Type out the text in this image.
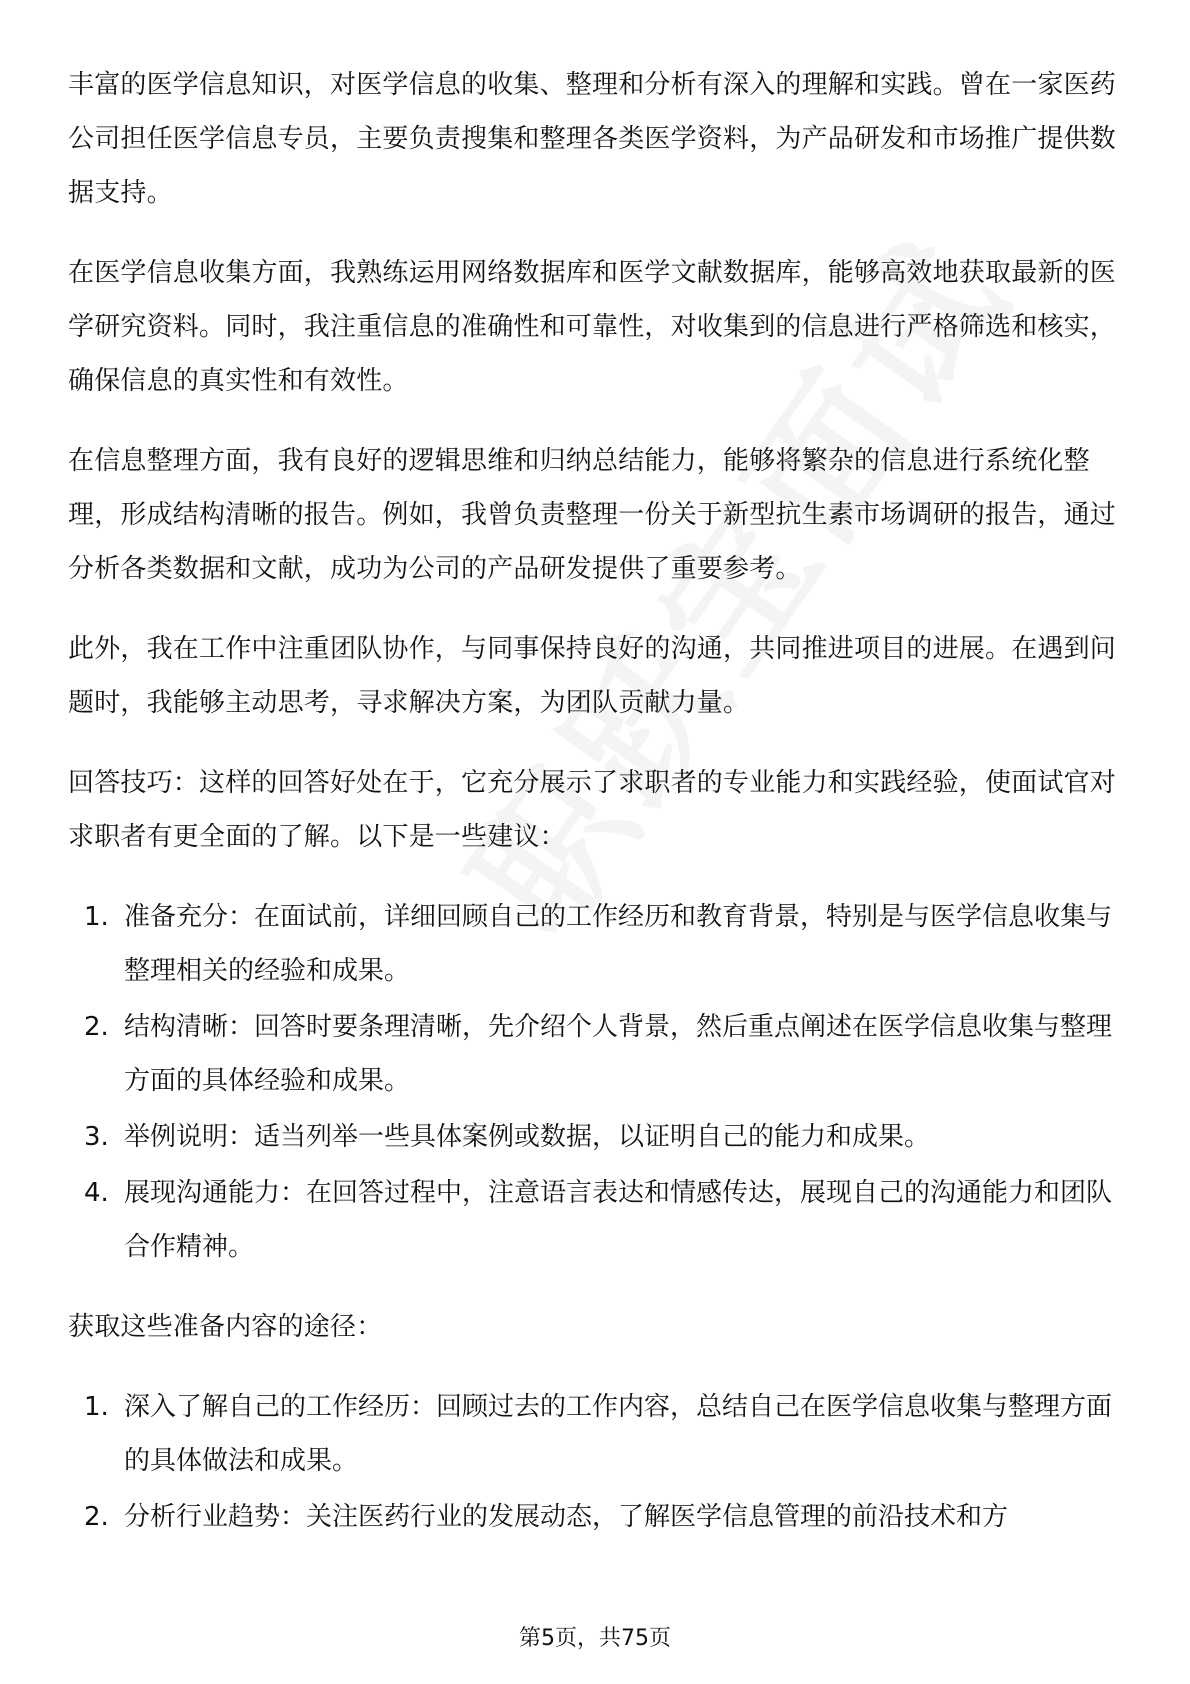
丰富的医学信息知识，对医学信息的收集、整理和分析有深入的理解和实践。曾在一家医药公司担任医学信息专员，主要负责搜集和整理各类医学资料，为产品研发和市场推广提供数据支持。

在医学信息收集方面，我熟练运用网络数据库和医学文献数据库，能够高效地获取最新的医学研究资料。同时，我注重信息的准确性和可靠性，对收集到的信息进行严格筛选和核实，确保信息的真实性和有效性。

在信息整理方面，我有良好的逻辑思维和归纳总结能力，能够将繁杂的信息进行系统化整理，形成结构清晰的报告。例如，我曾负责整理一份关于新型抗生素市场调研的报告，通过分析各类数据和文献，成功为公司的产品研发提供了重要参考。

此外，我在工作中注重团队协作，与同事保持良好的沟通，共同推进项目的进展。在遇到问题时，我能够主动思考，寻求解决方案，为团队贡献力量。

回答技巧：这样的回答好处在于，它充分展示了求职者的专业能力和实践经验，使面试官对求职者有更全面的了解。以下是一些建议：

1. 准备充分：在面试前，详细回顾自己的工作经历和教育背景，特别是与医学信息收集与整理相关的经验和成果。
2. 结构清晰：回答时要条理清晰，先介绍个人背景，然后重点阐述在医学信息收集与整理方面的具体经验和成果。
3. 举例说明：适当列举一些具体案例或数据，以证明自己的能力和成果。
4. 展现沟通能力：在回答过程中，注意语言表达和情感传达，展现自己的沟通能力和团队合作精神。

获取这些准备内容的途径：

1. 深入了解自己的工作经历：回顾过去的工作内容，总结自己在医学信息收集与整理方面的具体做法和成果。
2. 分析行业趋势：关注医药行业的发展动态，了解医学信息管理的前沿技术和方
第5页，共75页
